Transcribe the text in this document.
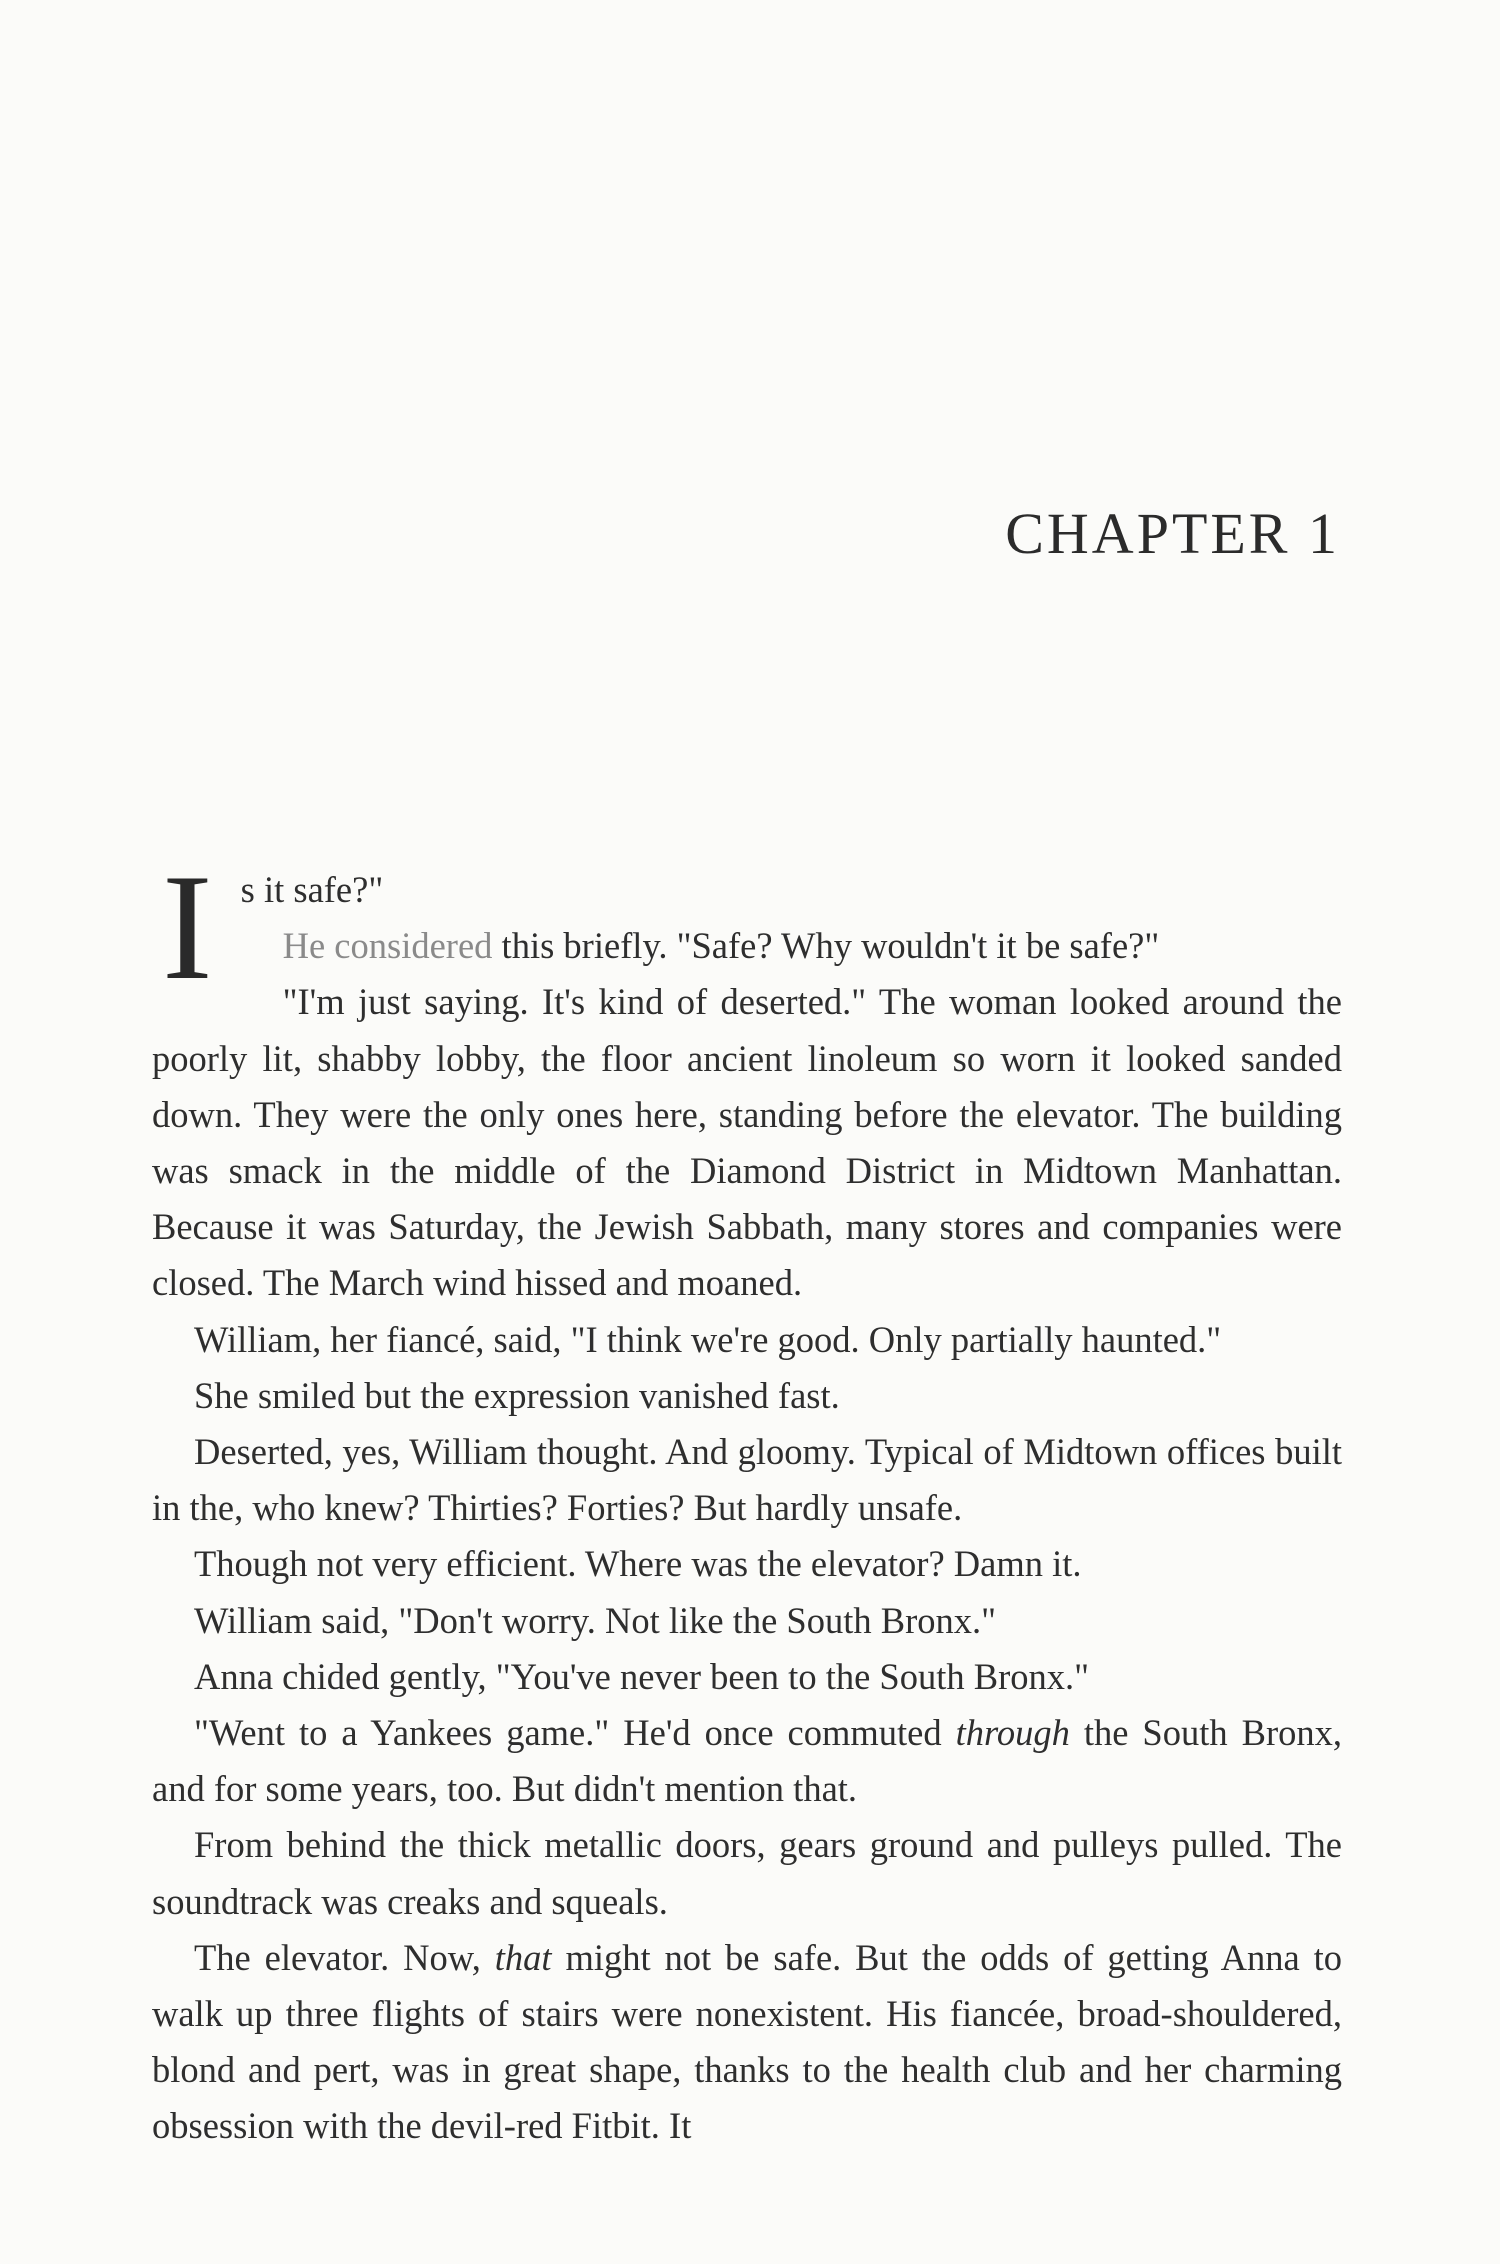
CHAPTER 1

Is it safe?"

He considered this briefly. "Safe? Why wouldn't it be safe?"

"I'm just saying. It's kind of deserted." The woman looked around the poorly lit, shabby lobby, the floor ancient linoleum so worn it looked sanded down. They were the only ones here, standing before the elevator. The building was smack in the middle of the Diamond District in Midtown Manhattan. Because it was Saturday, the Jewish Sabbath, many stores and companies were closed. The March wind hissed and moaned.

William, her fiancé, said, "I think we're good. Only partially haunted."

She smiled but the expression vanished fast.

Deserted, yes, William thought. And gloomy. Typical of Midtown offices built in the, who knew? Thirties? Forties? But hardly unsafe.

Though not very efficient. Where was the elevator? Damn it.

William said, "Don't worry. Not like the South Bronx."

Anna chided gently, "You've never been to the South Bronx."

"Went to a Yankees game." He'd once commuted through the South Bronx, and for some years, too. But didn't mention that.

From behind the thick metallic doors, gears ground and pulleys pulled. The soundtrack was creaks and squeals.

The elevator. Now, that might not be safe. But the odds of getting Anna to walk up three flights of stairs were nonexistent. His fiancée, broad-shouldered, blond and pert, was in great shape, thanks to the health club and her charming obsession with the devil-red Fitbit. It
